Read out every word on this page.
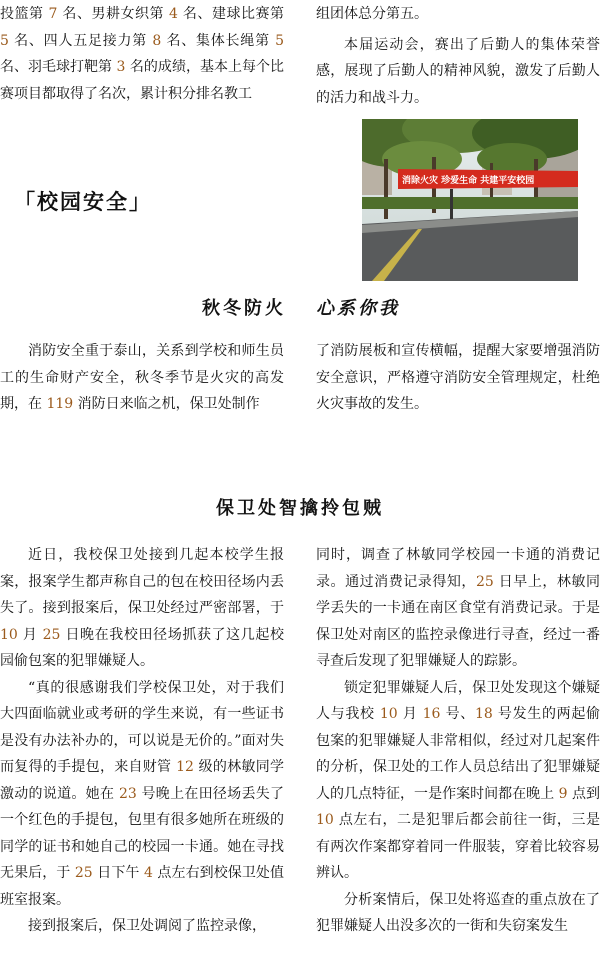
投篮第 7 名、男耕女织第 4 名、建球比赛第 5 名、四人五足接力第 8 名、集体长绳第 5 名、羽毛球打靶第 3 名的成绩，基本上每个比赛项目都取得了名次，累计积分排名教工

组团体总分第五。

本届运动会，赛出了后勤人的集体荣誉感，展现了后勤人的精神风貌，激发了后勤人的活力和战斗力。

「校园安全」
消除火灾 珍爱生命 共建平安校园
秋冬防火 心系你我

消防安全重于泰山，关系到学校和师生员工的生命财产安全，秋冬季节是火灾的高发期，在 119 消防日来临之机，保卫处制作

了消防展板和宣传横幅，提醒大家要增强消防安全意识，严格遵守消防安全管理规定，杜绝火灾事故的发生。

保卫处智擒拎包贼

近日，我校保卫处接到几起本校学生报案，报案学生都声称自己的包在校田径场内丢失了。接到报案后，保卫处经过严密部署，于 10 月 25 日晚在我校田径场抓获了这几起校园偷包案的犯罪嫌疑人。

“真的很感谢我们学校保卫处，对于我们大四面临就业或考研的学生来说，有一些证书是没有办法补办的，可以说是无价的。”面对失而复得的手提包，来自财管 12 级的林敏同学激动的说道。她在 23 号晚上在田径场丢失了一个红色的手提包，包里有很多她所在班级的同学的证书和她自己的校园一卡通。她在寻找无果后，于 25 日下午 4 点左右到校保卫处值班室报案。

接到报案后，保卫处调阅了监控录像，

同时，调查了林敏同学校园一卡通的消费记录。通过消费记录得知，25 日早上，林敏同学丢失的一卡通在南区食堂有消费记录。于是保卫处对南区的监控录像进行寻查，经过一番寻查后发现了犯罪嫌疑人的踪影。

锁定犯罪嫌疑人后，保卫处发现这个嫌疑人与我校 10 月 16 号、18 号发生的两起偷包案的犯罪嫌疑人非常相似，经过对几起案件的分析，保卫处的工作人员总结出了犯罪嫌疑人的几点特征，一是作案时间都在晚上 9 点到 10 点左右，二是犯罪后都会前往一街，三是有两次作案都穿着同一件服装，穿着比较容易辨认。

分析案情后，保卫处将巡查的重点放在了犯罪嫌疑人出没多次的一街和失窃案发生
